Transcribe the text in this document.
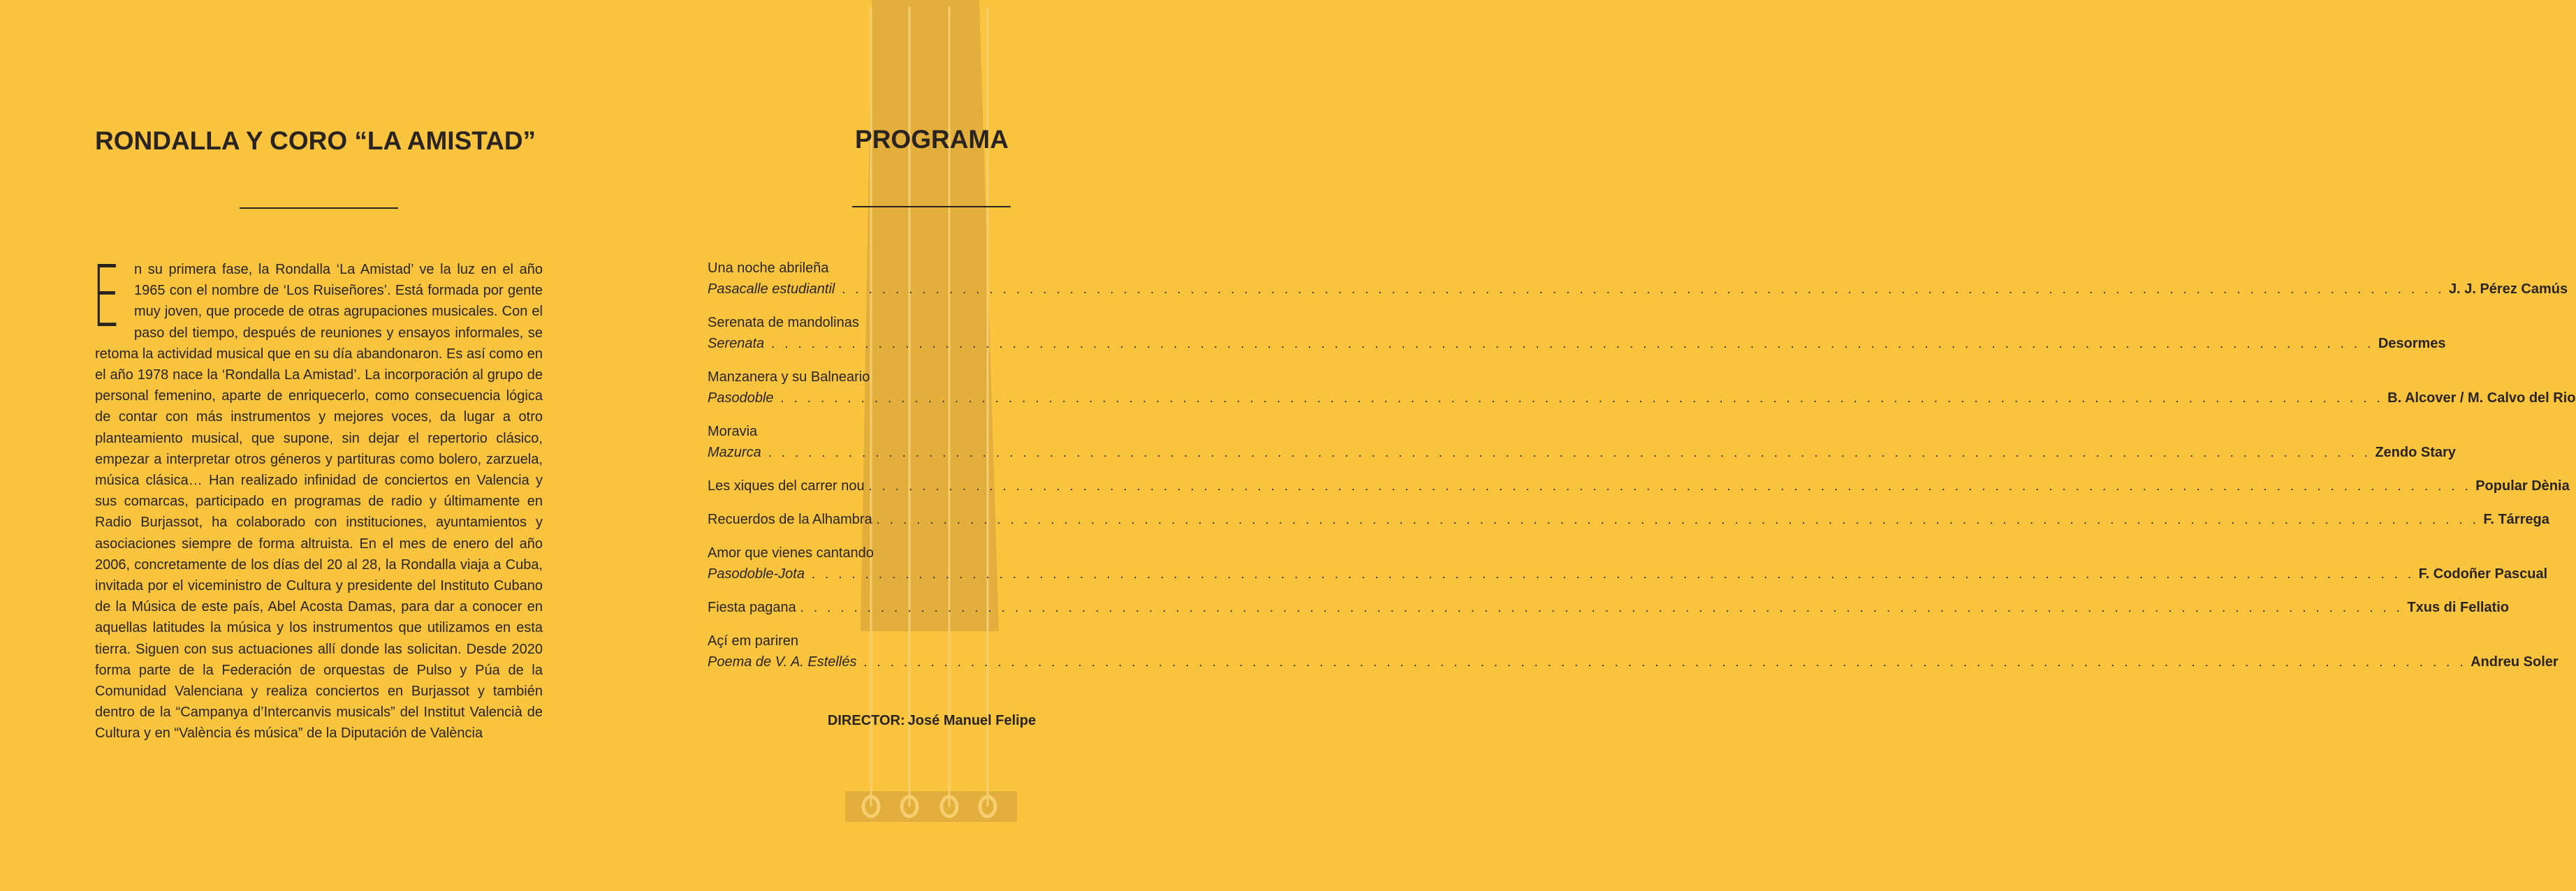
RONDALLA Y CORO “LA AMISTAD”

En su primera fase, la Rondalla ‘La Amistad’ ve la luz en el año 1965 con el nombre de ‘Los Ruiseñores’. Está formada por gente muy joven, que procede de otras agrupaciones musicales. Con el paso del tiempo, después de reuniones y ensayos informales, se retoma la actividad musical que en su día abandonaron. Es así como en el año 1978 nace la ‘Rondalla La Amistad’. La incorporación al grupo de personal femenino, aparte de enriquecerlo, como consecuencia lógica de contar con más instrumentos y mejores voces, da lugar a otro planteamiento musical, que supone, sin dejar el repertorio clásico, empezar a interpretar otros géneros y partituras como bolero, zarzuela, música clásica… Han realizado infinidad de conciertos en Valencia y sus comarcas, participado en programas de radio y últimamente en Radio Burjassot, ha colaborado con instituciones, ayuntamientos y asociaciones siempre de forma altruista. En el mes de enero del año 2006, concretamente de los días del 20 al 28, la Rondalla viaja a Cuba, invitada por el viceministro de Cultura y presidente del Instituto Cubano de la Música de este país, Abel Acosta Damas, para dar a conocer en aquellas latitudes la música y los instrumentos que utilizamos en esta tierra. Siguen con sus actuaciones allí donde las solicitan. Desde 2020 forma parte de la Federación de orquestas de Pulso y Púa de la Comunidad Valenciana y realiza conciertos en Burjassot y también dentro de la “Campanya d’Intercanvis musicals” del Institut Valencià de Cultura y en “València és música” de la Diputación de València

PROGRAMA
Una noche abrileña
Pasacalle estudiantil . . . . . . . . . . . . . . . . . . . . . . . . . . . . . . . . . . . . . . . . . . . . . . . . . . . . . . . . . . . . . . . . . . . . . . . . . . . . . . . . . . . . . . . . . . . . . . . . . . . . . . . . . . . . . . . . . . . . . . . . J. J. Pérez Camús
Serenata de mandolinas
Serenata . . . . . . . . . . . . . . . . . . . . . . . . . . . . . . . . . . . . . . . . . . . . . . . . . . . . . . . . . . . . . . . . . . . . . . . . . . . . . . . . . . . . . . . . . . . . . . . . . . . . . . . . . . . . . . . . . . . . . . . . Desormes
Manzanera y su Balneario
Pasodoble . . . . . . . . . . . . . . . . . . . . . . . . . . . . . . . . . . . . . . . . . . . . . . . . . . . . . . . . . . . . . . . . . . . . . . . . . . . . . . . . . . . . . . . . . . . . . . . . . . . . . . . . . . . . . . . . . . . . . . . . B. Alcover / M. Calvo del Rio
Moravia
Mazurca . . . . . . . . . . . . . . . . . . . . . . . . . . . . . . . . . . . . . . . . . . . . . . . . . . . . . . . . . . . . . . . . . . . . . . . . . . . . . . . . . . . . . . . . . . . . . . . . . . . . . . . . . . . . . . . . . . . . . . . . Zendo Stary
Les xiques del carrer nou . . . . . . . . . . . . . . . . . . . . . . . . . . . . . . . . . . . . . . . . . . . . . . . . . . . . . . . . . . . . . . . . . . . . . . . . . . . . . . . . . . . . . . . . . . . . . . . . . . . . . . . . . . . . . . . . . . . . . . . . Popular Dènia
Recuerdos de la Alhambra . . . . . . . . . . . . . . . . . . . . . . . . . . . . . . . . . . . . . . . . . . . . . . . . . . . . . . . . . . . . . . . . . . . . . . . . . . . . . . . . . . . . . . . . . . . . . . . . . . . . . . . . . . . . . . . . . . . . . . . . F. Tárrega
Amor que vienes cantando
Pasodoble-Jota . . . . . . . . . . . . . . . . . . . . . . . . . . . . . . . . . . . . . . . . . . . . . . . . . . . . . . . . . . . . . . . . . . . . . . . . . . . . . . . . . . . . . . . . . . . . . . . . . . . . . . . . . . . . . . . . . . . . . . . . F. Codoñer Pascual
Fiesta pagana . . . . . . . . . . . . . . . . . . . . . . . . . . . . . . . . . . . . . . . . . . . . . . . . . . . . . . . . . . . . . . . . . . . . . . . . . . . . . . . . . . . . . . . . . . . . . . . . . . . . . . . . . . . . . . . . . . . . . . . . Txus di Fellatio
Açí em pariren
Poema de V. A. Estellés . . . . . . . . . . . . . . . . . . . . . . . . . . . . . . . . . . . . . . . . . . . . . . . . . . . . . . . . . . . . . . . . . . . . . . . . . . . . . . . . . . . . . . . . . . . . . . . . . . . . . . . . . . . . . . . . . . . . . . . . Andreu Soler
DIRECTOR: José Manuel Felipe
